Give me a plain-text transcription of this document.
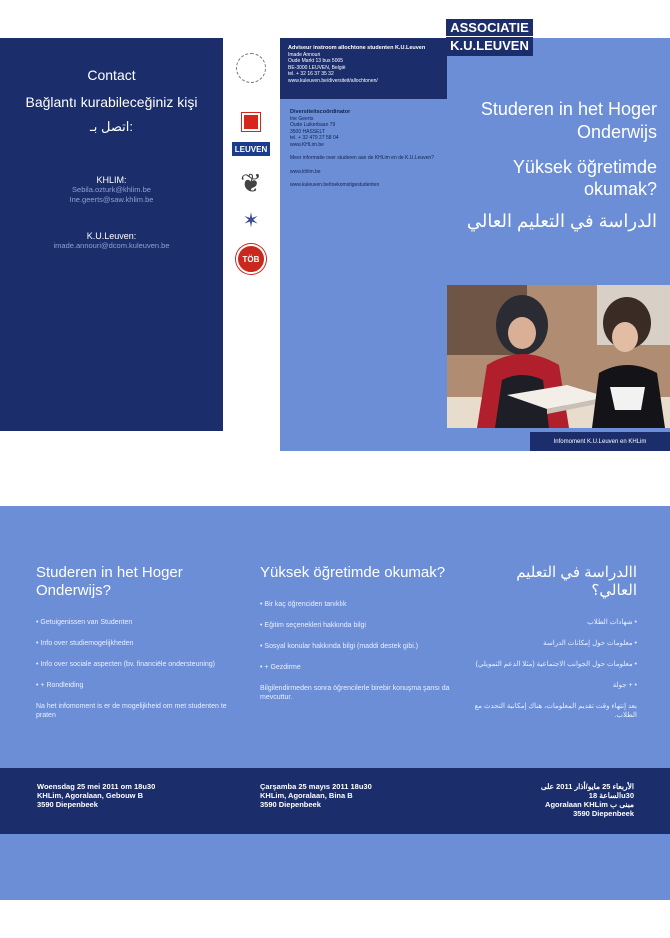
Contact
Bağlantı kurabileceğiniz kişi
اتصل بـ:
KHLIM:
Sebila.ozturk@khlim.be
Ine.geerts@saw.khlim.be
K.U.Leuven:
imade.annouri@dcom.kuleuven.be
LEUVEN
❦
✶
TÖB
Adviseur instroom allochtone studenten K.U.Leuven
Imade Annouri
Oude Markt 13 bus 5005
BE-3000 LEUVEN, België
tel. + 32 16 37 35 32
www.kuleuven.be/diversiteit/allochtonen/
Diversiteitscoördinator
Ine Geerts
Oude Luikerbaan 79
3500 HASSELT
tel. + 32 479 27 58 04
www.KHLim.be
Meer informatie over studeren aan de KHLim en de K.U.Leuven?
www.khlim.be
www.kuleuven.be/toekomstigestudenten
ASSOCIATIE
K.U.LEUVEN
Studeren in het Hoger Onderwijs
Yüksek öğretimde okumak?
الدراسة في التعليم العالي
Infomoment K.U.Leuven en KHLim
Studeren in het Hoger Onderwijs?
• Getuigenissen van Studenten
• Info over studiemogelijkheden
• Info over sociale aspecten (bv. financiële ondersteuning)
• + Rondleiding
Na het infomoment is er de mogelijkheid om met studenten te praten
Yüksek öğretimde okumak?
• Bir kaç öğrenciden tanıklık
• Eğitim seçenekleri hakkında bilgi
• Sosyal konular hakkında bilgi (maddi destek gibi.)
• + Gezdirme
Bilgilendirmeden sonra öğrencilerle birebir konuşma şansı da mevcuttur.
االدراسة في التعليم العالي؟
• شهادات الطلاب
• معلومات حول إمكانات الدراسة
• معلومات حول الجوانب الاجتماعية (مثلا الدعم التمويلي)
• + جولة
بعد إنتهاء وقت تقديم المعلومات، هناك إمكانية التحدث مع الطلاب.
Woensdag 25 mei 2011 om 18u30
KHLim, Agoralaan, Gebouw B
3590 Diepenbeek
Çarşamba 25 mayıs 2011 18u30
KHLim, Agoralaan, Bina B
3590 Diepenbeek
الأربعاء 25 مايو/أذار 2011 على
الساعة 18u30
Agoralaan KHLim مبنى ب
3590 Diepenbeek
